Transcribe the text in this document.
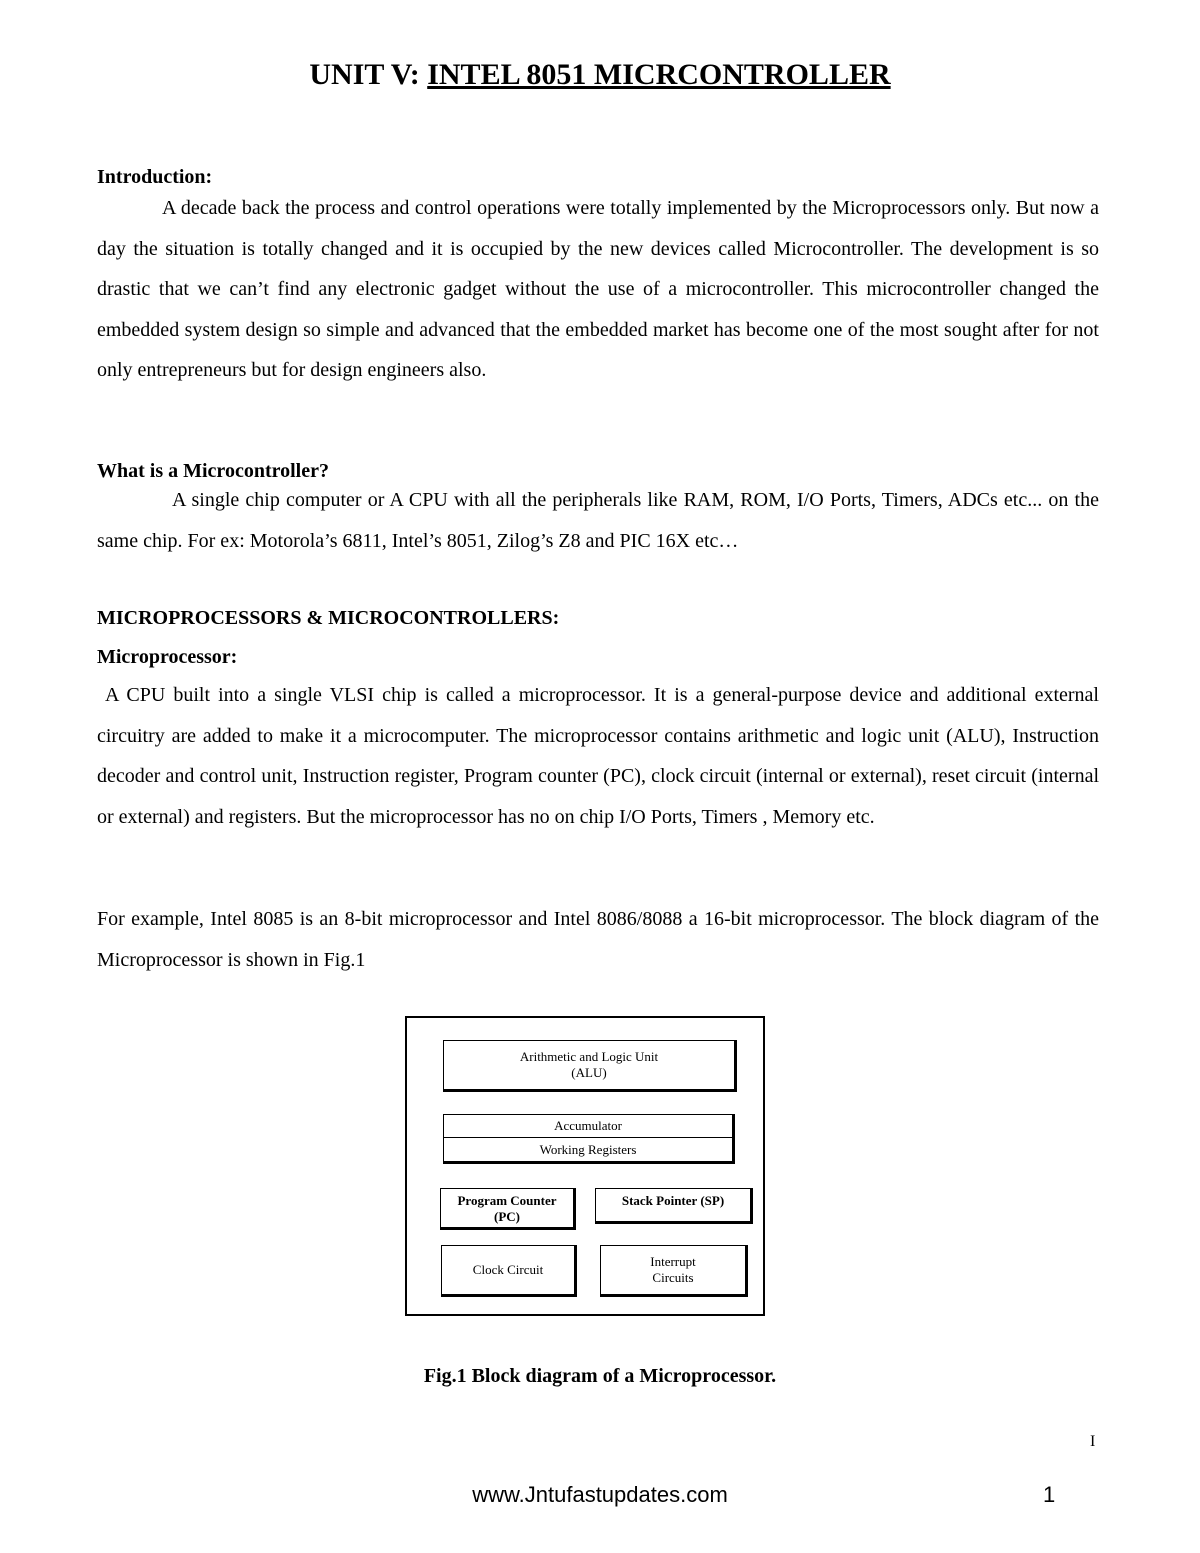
UNIT V: INTEL 8051 MICRCONTROLLER
Introduction:
A decade back the process and control operations were totally implemented by the Microprocessors only. But now a day the situation is totally changed and it is occupied by the new devices called Microcontroller. The development is so drastic that we can’t find any electronic gadget without the use of a microcontroller. This microcontroller changed the embedded system design so simple and advanced that the embedded market has become one of the most sought after for not only entrepreneurs but for design engineers also.
What is a Microcontroller?
A single chip computer or A CPU with all the peripherals like RAM, ROM, I/O Ports, Timers, ADCs etc... on the same chip. For ex: Motorola’s 6811, Intel’s 8051, Zilog’s Z8 and PIC 16X etc…
MICROPROCESSORS & MICROCONTROLLERS:
Microprocessor:
A CPU built into a single VLSI chip is called a microprocessor. It is a general-purpose device and additional external circuitry are added to make it a microcomputer. The microprocessor contains arithmetic and logic unit (ALU), Instruction decoder and control unit, Instruction register, Program counter (PC), clock circuit (internal or external), reset circuit (internal or external) and registers. But the microprocessor has no on chip I/O Ports, Timers , Memory etc.
For example, Intel 8085 is an 8-bit microprocessor and Intel 8086/8088 a 16-bit microprocessor. The block diagram of the Microprocessor is shown in Fig.1
Arithmetic and Logic Unit
(ALU)
Accumulator
Working Registers
Program Counter
(PC)
Stack Pointer (SP)
Clock Circuit
Interrupt
Circuits
Fig.1 Block diagram of a Microprocessor.
I
www.Jntufastupdates.com	1
